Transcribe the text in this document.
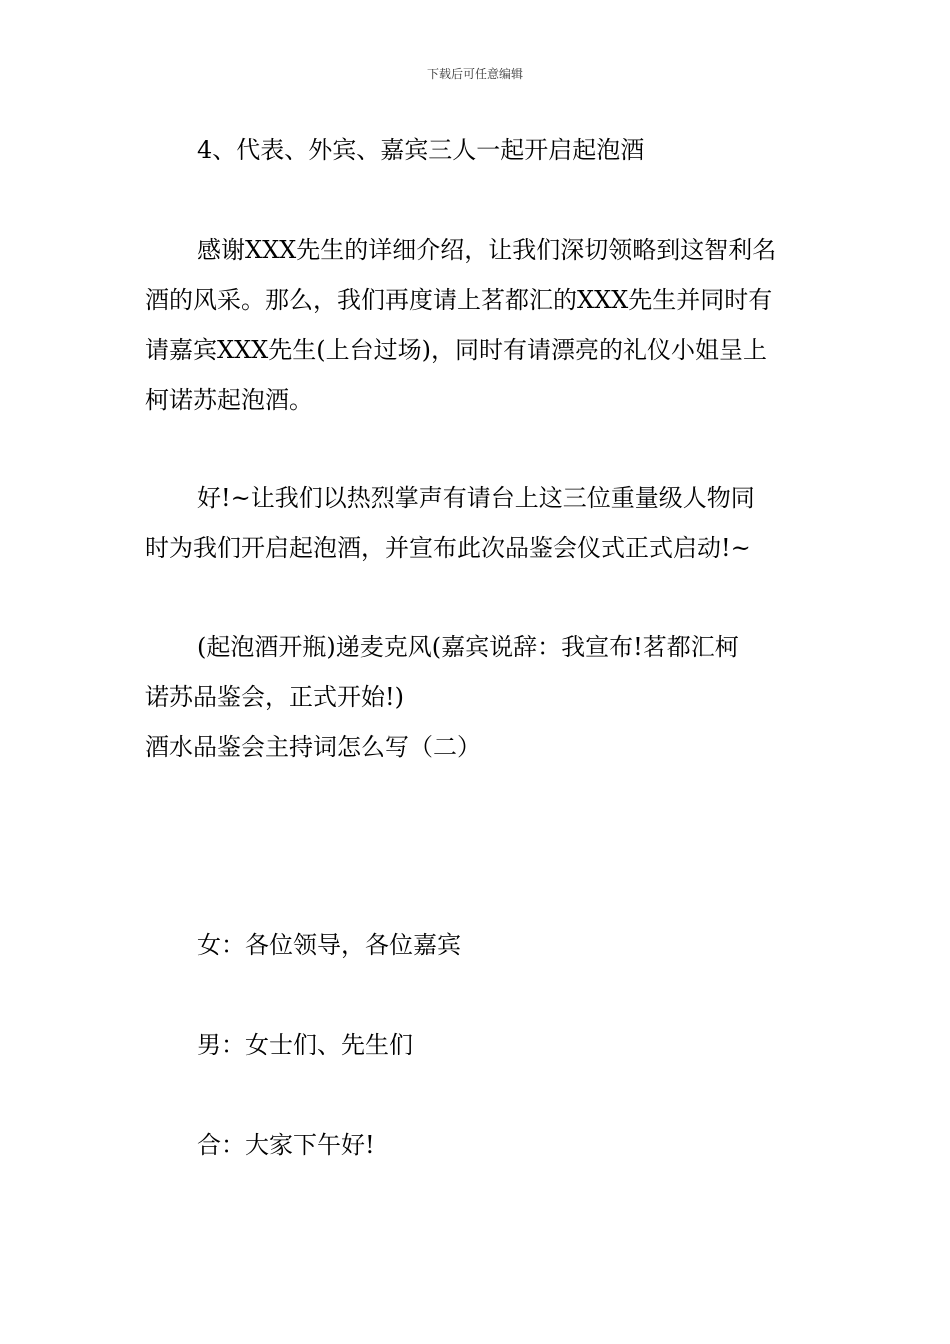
下载后可任意编辑
4、代表、外宾、嘉宾三人一起开启起泡酒
感谢XXX先生的详细介绍，让我们深切领略到这智利名
酒的风采。那么，我们再度请上茗都汇的XXX先生并同时有
请嘉宾XXX先生(上台过场)，同时有请漂亮的礼仪小姐呈上
柯诺苏起泡酒。
好!~让我们以热烈掌声有请台上这三位重量级人物同
时为我们开启起泡酒，并宣布此次品鉴会仪式正式启动!~
(起泡酒开瓶)递麦克风(嘉宾说辞：我宣布!茗都汇柯
诺苏品鉴会，正式开始!)
酒水品鉴会主持词怎么写（二）
女：各位领导，各位嘉宾
男：女士们、先生们
合：大家下午好!
